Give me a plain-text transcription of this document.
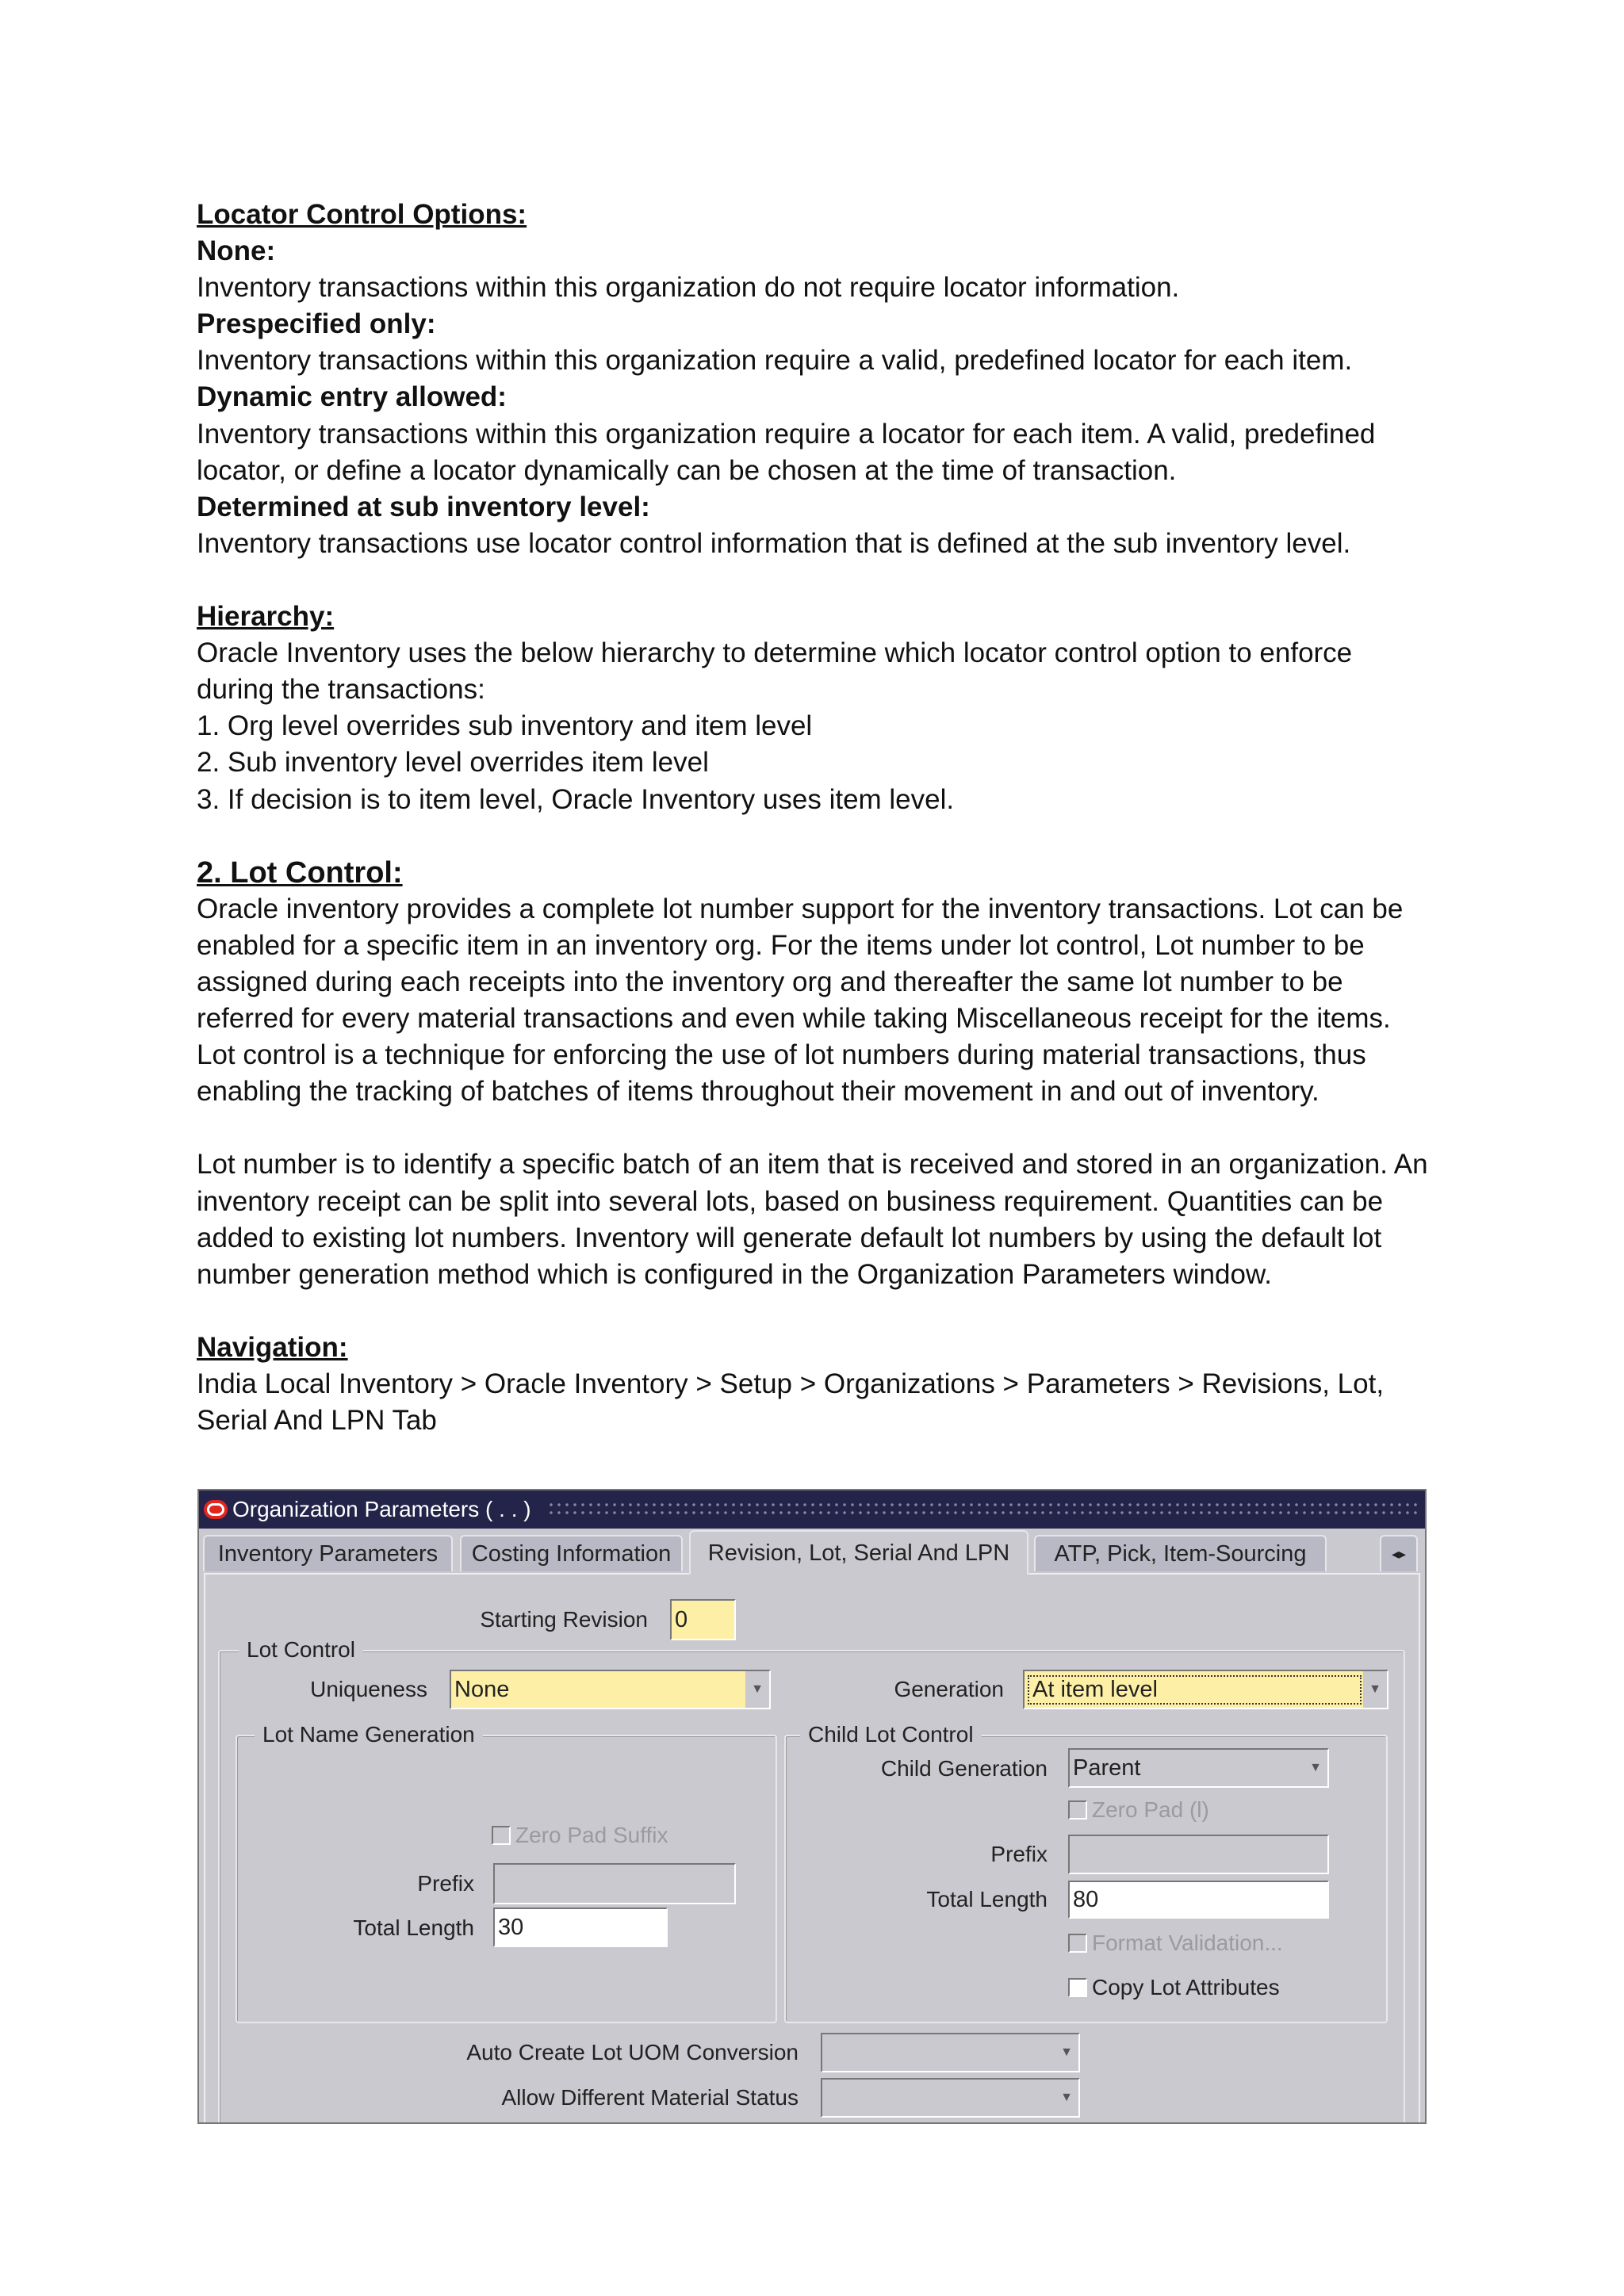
Locator Control Options:

None:

Inventory transactions within this organization do not require locator information.

Prespecified only:

Inventory transactions within this organization require a valid, predefined locator for each item.

Dynamic entry allowed:

Inventory transactions within this organization require a locator for each item. A valid, predefined locator, or define a locator dynamically can be chosen at the time of transaction.

Determined at sub inventory level:

Inventory transactions use locator control information that is defined at the sub inventory level.

Hierarchy:

Oracle Inventory uses the below hierarchy to determine which locator control option to enforce during the transactions:

1. Org level overrides sub inventory and item level

2. Sub inventory level overrides item level

3. If decision is to item level, Oracle Inventory uses item level.

2. Lot Control:

Oracle inventory provides a complete lot number support for the inventory transactions. Lot can be enabled for a specific item in an inventory org. For the items under lot control, Lot number to be assigned during each receipts into the inventory org and thereafter the same lot number to be referred for every material transactions and even while taking Miscellaneous receipt for the items. Lot control is a technique for enforcing the use of lot numbers during material transactions, thus enabling the tracking of batches of items throughout their movement in and out of inventory.

Lot number is to identify a specific batch of an item that is received and stored in an organization. An inventory receipt can be split into several lots, based on business requirement. Quantities can be added to existing lot numbers. Inventory will generate default lot numbers by using the default lot number generation method which is configured in the Organization Parameters window.

Navigation:

India Local Inventory > Oracle Inventory > Setup > Organizations > Parameters > Revisions, Lot, Serial And LPN Tab

Organization Parameters ( . . )
Inventory Parameters	Costing Information	Revision, Lot, Serial And LPN	ATP, Pick, Item-Sourcing	◂▸
Starting Revision 0
Lot Control
Uniqueness None	▼	Generation At item level	▼
Lot Name Generation
Zero Pad Suffix
Prefix
Total Length 30
Child Lot Control
Child Generation Parent	▼
Zero Pad (l)
Prefix
Total Length 80
Format Validation...
Copy Lot Attributes
Auto Create Lot UOM Conversion	▼
Allow Different Material Status	▼
